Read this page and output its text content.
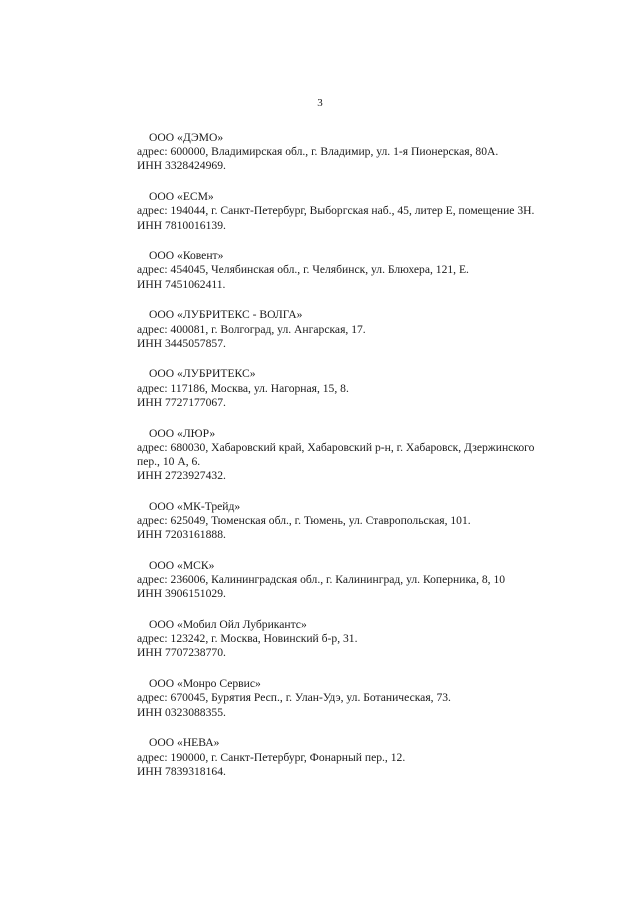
3
ООО «ДЭМО»
адрес: 600000, Владимирская обл., г. Владимир, ул. 1-я Пионерская, 80А.
ИНН 3328424969.
ООО «ЕСМ»
адрес: 194044, г. Санкт-Петербург, Выборгская наб., 45, литер Е, помещение 3Н.
ИНН 7810016139.
ООО «Ковент»
адрес: 454045, Челябинская обл., г. Челябинск, ул. Блюхера, 121, Е.
ИНН 7451062411.
ООО «ЛУБРИТЕКС - ВОЛГА»
адрес: 400081, г. Волгоград, ул. Ангарская, 17.
ИНН 3445057857.
ООО «ЛУБРИТЕКС»
адрес: 117186, Москва, ул. Нагорная, 15, 8.
ИНН 7727177067.
ООО «ЛЮР»
адрес: 680030, Хабаровский край, Хабаровский р-н, г. Хабаровск, Дзержинского пер., 10 А, 6.
ИНН 2723927432.
ООО «МК-Трейд»
адрес: 625049, Тюменская обл., г. Тюмень, ул. Ставропольская, 101.
ИНН 7203161888.
ООО «МСК»
адрес: 236006, Калининградская обл., г. Калининград, ул. Коперника, 8, 10
ИНН 3906151029.
ООО «Мобил Ойл Лубрикантс»
адрес: 123242, г. Москва, Новинский б-р, 31.
ИНН 7707238770.
ООО «Монро Сервис»
адрес: 670045, Бурятия Респ., г. Улан-Удэ, ул. Ботаническая, 73.
ИНН 0323088355.
ООО «НЕВА»
адрес: 190000, г. Санкт-Петербург, Фонарный пер., 12.
ИНН 7839318164.
